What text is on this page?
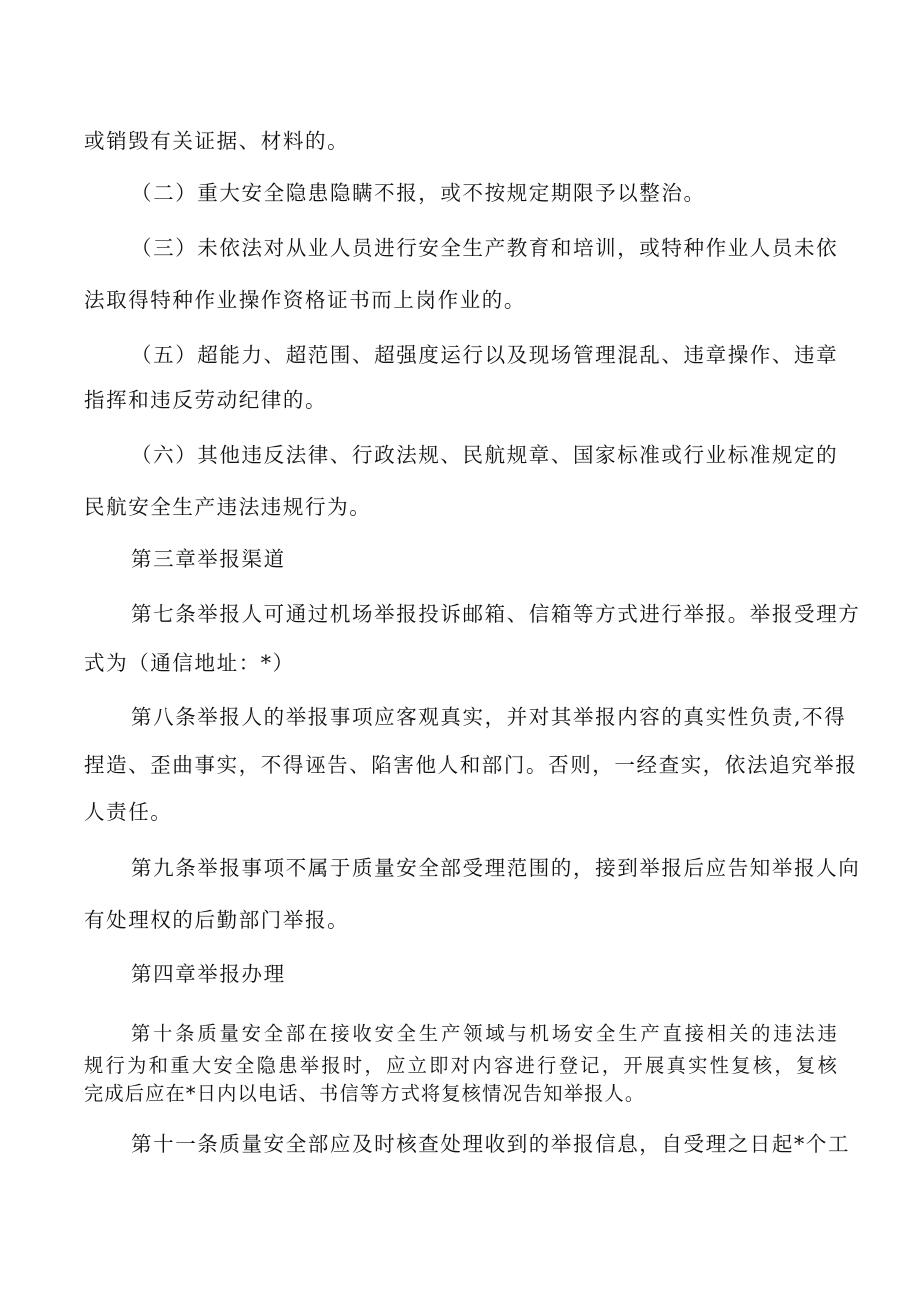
或销毁有关证据、材料的。
（二）重大安全隐患隐瞒不报，或不按规定期限予以整治。
（三）未依法对从业人员进行安全生产教育和培训，或特种作业人员未依
法取得特种作业操作资格证书而上岗作业的。
（五）超能力、超范围、超强度运行以及现场管理混乱、违章操作、违章
指挥和违反劳动纪律的。
（六）其他违反法律、行政法规、民航规章、国家标准或行业标准规定的
民航安全生产违法违规行为。
第三章举报渠道
第七条举报人可通过机场举报投诉邮箱、信箱等方式进行举报。举报受理方
式为（通信地址：*）
第八条举报人的举报事项应客观真实，并对其举报内容的真实性负责,不得
捏造、歪曲事实，不得诬告、陷害他人和部门。否则，一经查实，依法追究举报
人责任。
第九条举报事项不属于质量安全部受理范围的，接到举报后应告知举报人向
有处理权的后勤部门举报。
第四章举报办理
第十条质量安全部在接收安全生产领域与机场安全生产直接相关的违法违
规行为和重大安全隐患举报时，应立即对内容进行登记，开展真实性复核，复核
完成后应在*日内以电话、书信等方式将复核情况告知举报人。
第十一条质量安全部应及时核查处理收到的举报信息，自受理之日起*个工
